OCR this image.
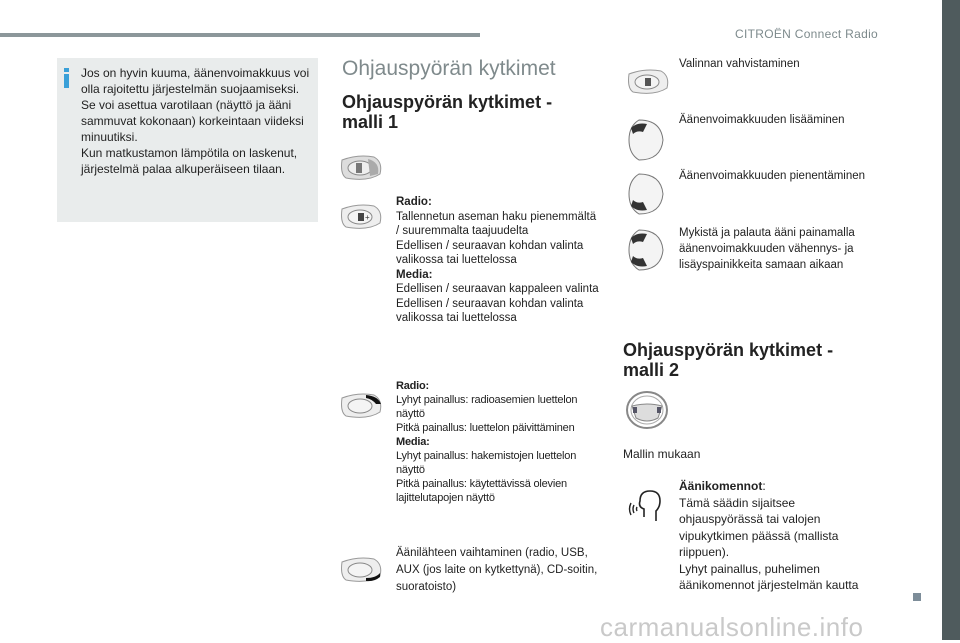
CITROËN Connect Radio
Jos on hyvin kuuma, äänenvoimakkuus voi olla rajoitettu järjestelmän suojaamiseksi. Se voi asettua varotilaan (näyttö ja ääni sammuvat kokonaan) korkeintaan viideksi minuutiksi.
Kun matkustamon lämpötila on laskenut, järjestelmä palaa alkuperäiseen tilaan.
Ohjauspyörän kytkimet
Ohjauspyörän kytkimet - malli 1
+
Radio:
Tallennetun aseman haku pienemmältä / suuremmalta taajuudelta
Edellisen / seuraavan kohdan valinta valikossa tai luettelossa
Media:
Edellisen / seuraavan kappaleen valinta
Edellisen / seuraavan kohdan valinta valikossa tai luettelossa
Radio:
Lyhyt painallus: radioasemien luettelon näyttö
Pitkä painallus: luettelon päivittäminen
Media:
Lyhyt painallus: hakemistojen luettelon näyttö
Pitkä painallus: käytettävissä olevien lajittelutapojen näyttö
Äänilähteen vaihtaminen (radio, USB, AUX (jos laite on kytkettynä), CD-soitin, suoratoisto)
Valinnan vahvistaminen
Äänenvoimakkuuden lisääminen
Äänenvoimakkuuden pienentäminen
Mykistä ja palauta ääni painamalla äänenvoimakkuuden vähennys- ja lisäyspainikkeita samaan aikaan
Ohjauspyörän kytkimet - malli 2
Mallin mukaan
Äänikomennot:
Tämä säädin sijaitsee ohjauspyörässä tai valojen vipukytkimen päässä (mallista riippuen).
Lyhyt painallus, puhelimen äänikomennot järjestelmän kautta
carmanualsonline.info
